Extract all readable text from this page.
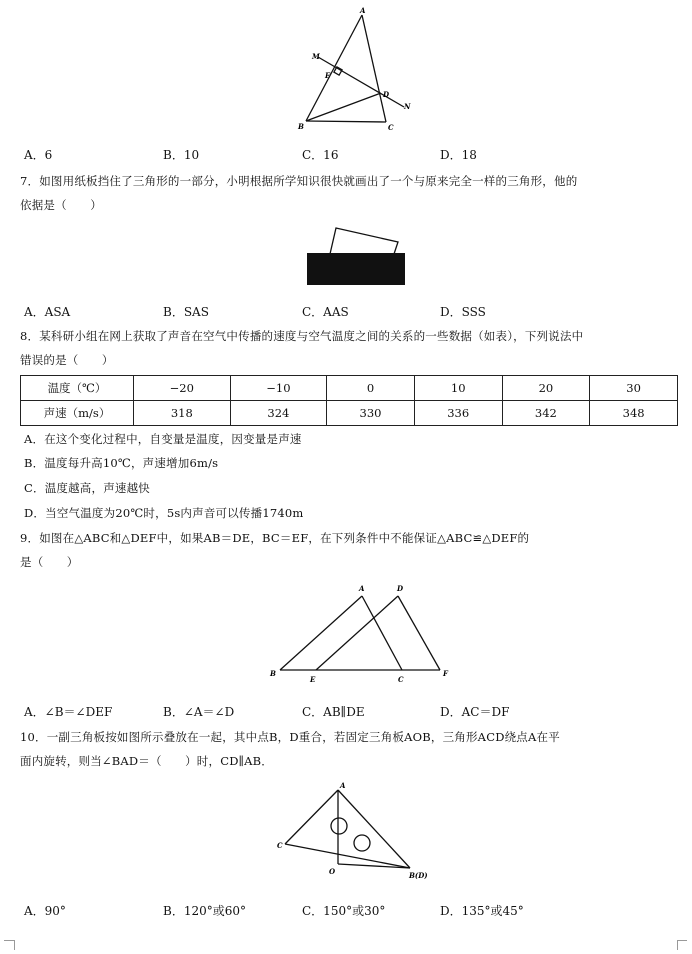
A
M
E
D
N
B	C
A．6	B．10	C．16	D．18
7．如图用纸板挡住了三角形的一部分，小明根据所学知识很快就画出了一个与原来完全一样的三角形，他的
依据是（　　）
A．ASA	B．SAS	C．AAS	D．SSS
8．某科研小组在网上获取了声音在空气中传播的速度与空气温度之间的关系的一些数据（如表），下列说法中
错误的是（　　）
温度（℃）	−20	−10	0	10	20	30
声速（m/s）	318	324	330	336	342	348
A．在这个变化过程中，自变量是温度，因变量是声速
B．温度每升高10℃，声速增加6m/s
C．温度越高，声速越快
D．当空气温度为20℃时，5s内声音可以传播1740m
9．如图在△ABC和△DEF中，如果AB＝DE，BC＝EF，在下列条件中不能保证△ABC≌△DEF的
是（　　）
A	D
B
E	C
F
A．∠B＝∠DEF	B．∠A＝∠D	C．AB∥DE	D．AC＝DF
10．一副三角板按如图所示叠放在一起，其中点B，D重合，若固定三角板AOB，三角形ACD绕点A在平
面内旋转，则当∠BAD＝（　　）时，CD∥AB．
A
C
O	B(D)
A．90°	B．120°或60°	C．150°或30°	D．135°或45°
